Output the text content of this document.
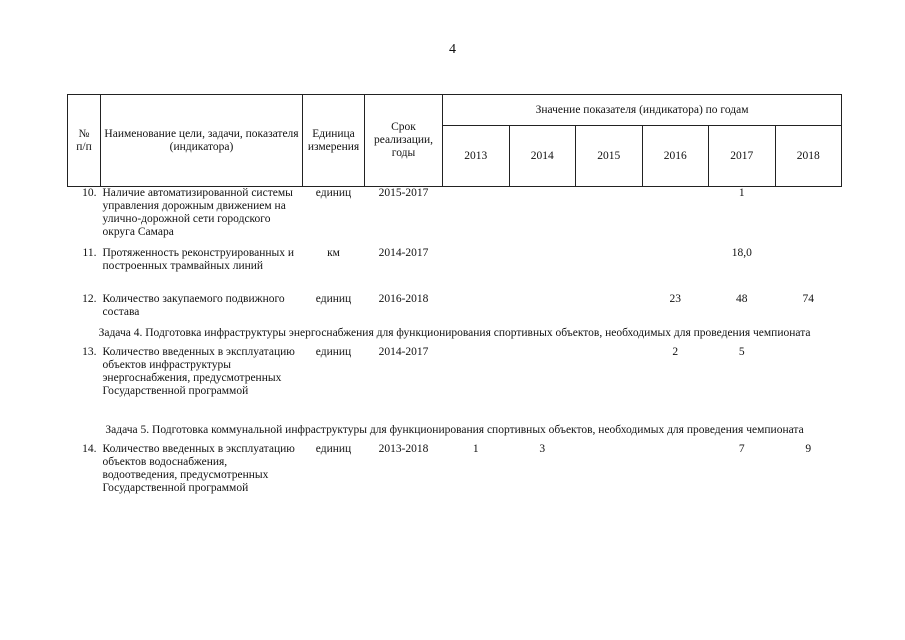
4
№
п/п	Наименование цели, задачи, показателя (индикатора)	Единица измерения	Срок реализации, годы	Значение показателя (индикатора) по годам					
				2013	2014	2015	2016	2017	2018
10.	Наличие автоматизированной системы управления дорожным движением на улично-дорожной сети городского округа Самара	единиц	2015-2017					1	
11.	Протяженность реконструированных и построенных трамвайных линий	км	2014-2017					18,0	
12.	Количество закупаемого подвижного состава	единиц	2016-2018				23	48	74
Задача 4. Подготовка инфраструктуры энергоснабжения для функционирования спортивных объектов, необходимых для проведения чемпионата									
13.	Количество введенных в эксплуатацию объектов инфраструктуры энергоснабжения, предусмотренных Государственной программой	единиц	2014-2017				2	5	
Задача 5. Подготовка коммунальной инфраструктуры для функционирования спортивных объектов, необходимых для проведения чемпионата									
14.	Количество введенных в эксплуатацию объектов водоснабжения, водоотведения, предусмотренных Государственной программой	единиц	2013-2018	1	3			7	9
